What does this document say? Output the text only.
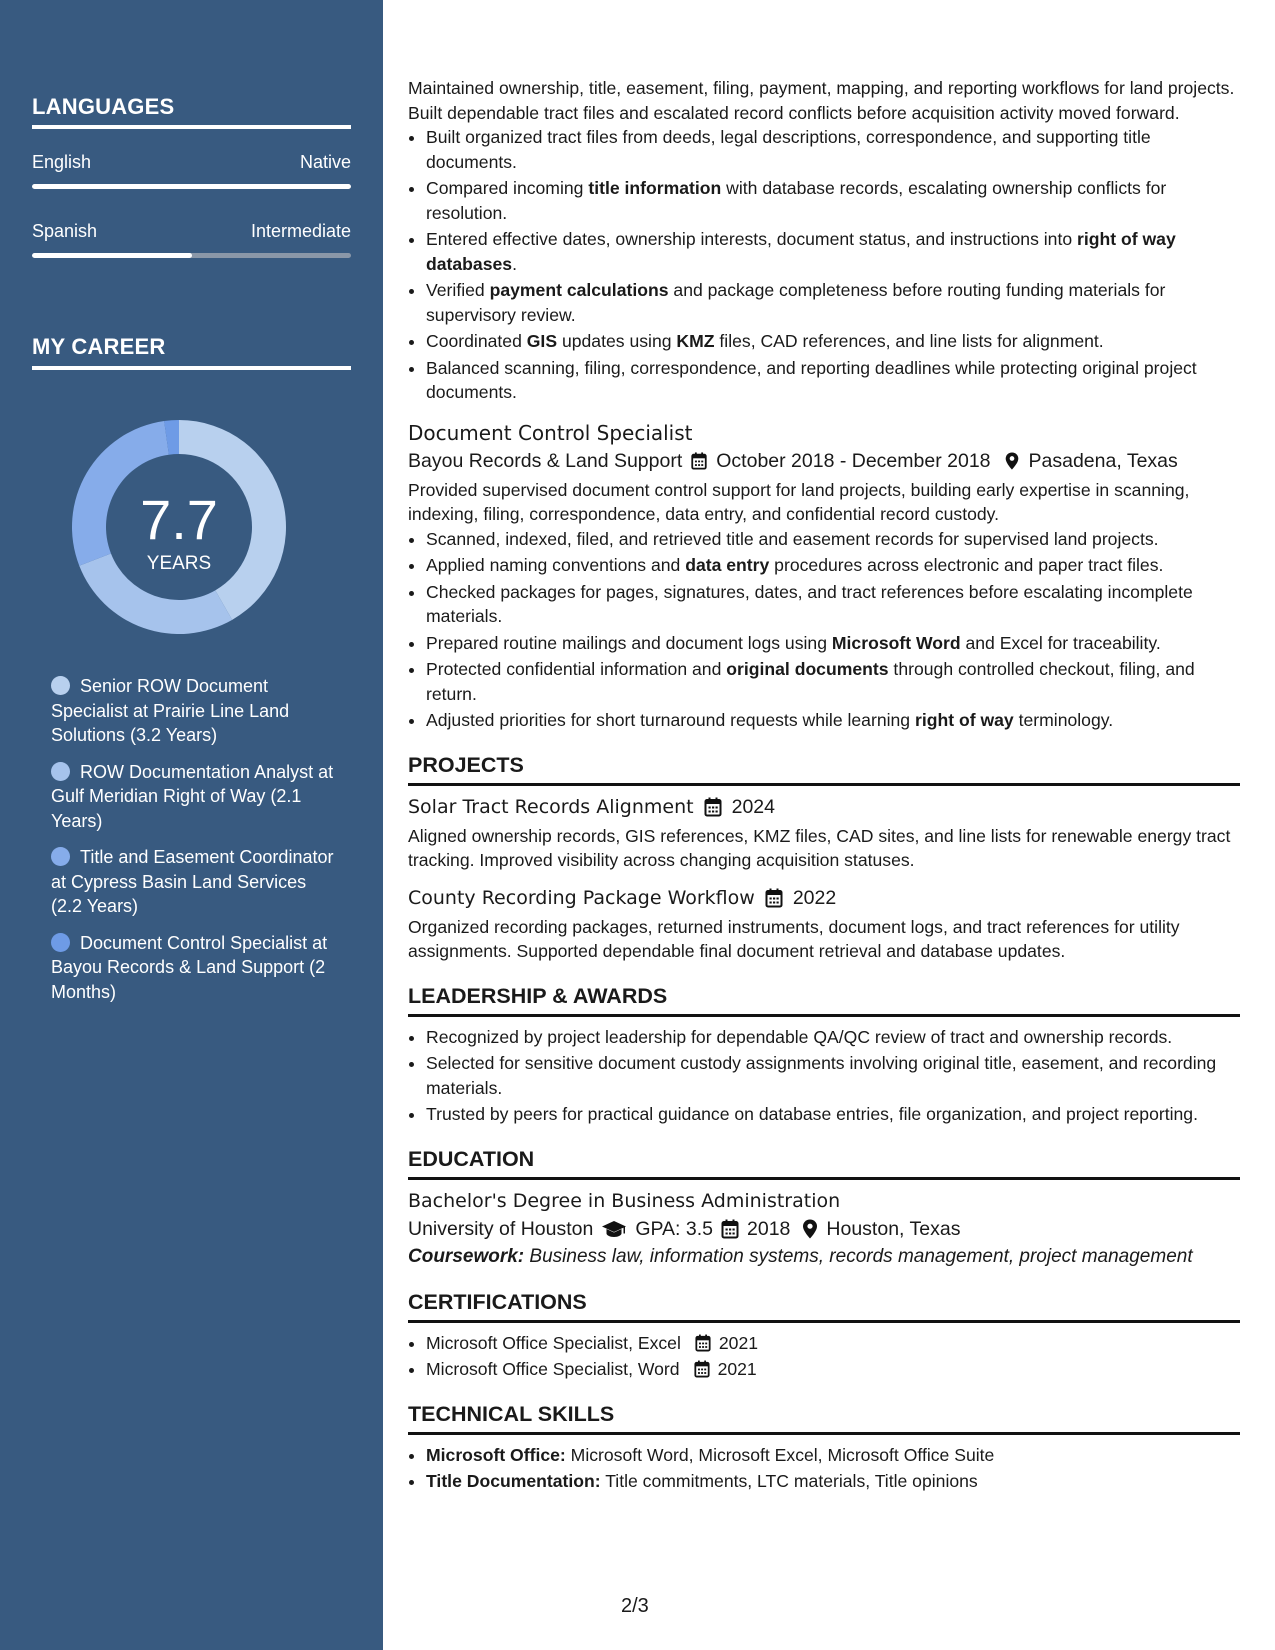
LANGUAGES
English	Native
Spanish	Intermediate
MY CAREER
7.7
YEARS
Senior ROW Document Specialist at Prairie Line Land Solutions (3.2 Years)
ROW Documentation Analyst at Gulf Meridian Right of Way (2.1 Years)
Title and Easement Coordinator at Cypress Basin Land Services (2.2 Years)
Document Control Specialist at Bayou Records & Land Support (2 Months)

Maintained ownership, title, easement, filing, payment, mapping, and reporting workflows for land projects. Built dependable tract files and escalated record conflicts before acquisition activity moved forward.

• Built organized tract files from deeds, legal descriptions, correspondence, and supporting title documents.
• Compared incoming title information with database records, escalating ownership conflicts for resolution.
• Entered effective dates, ownership interests, document status, and instructions into right of way databases.
• Verified payment calculations and package completeness before routing funding materials for supervisory review.
• Coordinated GIS updates using KMZ files, CAD references, and line lists for alignment.
• Balanced scanning, filing, correspondence, and reporting deadlines while protecting original project documents.
Document Control Specialist
Bayou Records & Land Support October 2018 - December 2018 Pasadena, Texas

Provided supervised document control support for land projects, building early expertise in scanning, indexing, filing, correspondence, data entry, and confidential record custody.

• Scanned, indexed, filed, and retrieved title and easement records for supervised land projects.
• Applied naming conventions and data entry procedures across electronic and paper tract files.
• Checked packages for pages, signatures, dates, and tract references before escalating incomplete materials.
• Prepared routine mailings and document logs using Microsoft Word and Excel for traceability.
• Protected confidential information and original documents through controlled checkout, filing, and return.
• Adjusted priorities for short turnaround requests while learning right of way terminology.
PROJECTS
Solar Tract Records Alignment 2024

Aligned ownership records, GIS references, KMZ files, CAD sites, and line lists for renewable energy tract tracking. Improved visibility across changing acquisition statuses.

County Recording Package Workflow 2022

Organized recording packages, returned instruments, document logs, and tract references for utility assignments. Supported dependable final document retrieval and database updates.

LEADERSHIP & AWARDS
• Recognized by project leadership for dependable QA/QC review of tract and ownership records.
• Selected for sensitive document custody assignments involving original title, easement, and recording materials.
• Trusted by peers for practical guidance on database entries, file organization, and project reporting.
EDUCATION
Bachelor's Degree in Business Administration
University of Houston GPA: 3.5 2018 Houston, Texas
Coursework: Business law, information systems, records management, project management
CERTIFICATIONS
• Microsoft Office Specialist, Excel 2021
• Microsoft Office Specialist, Word 2021
TECHNICAL SKILLS
• Microsoft Office: Microsoft Word, Microsoft Excel, Microsoft Office Suite
• Title Documentation: Title commitments, LTC materials, Title opinions
2/3
